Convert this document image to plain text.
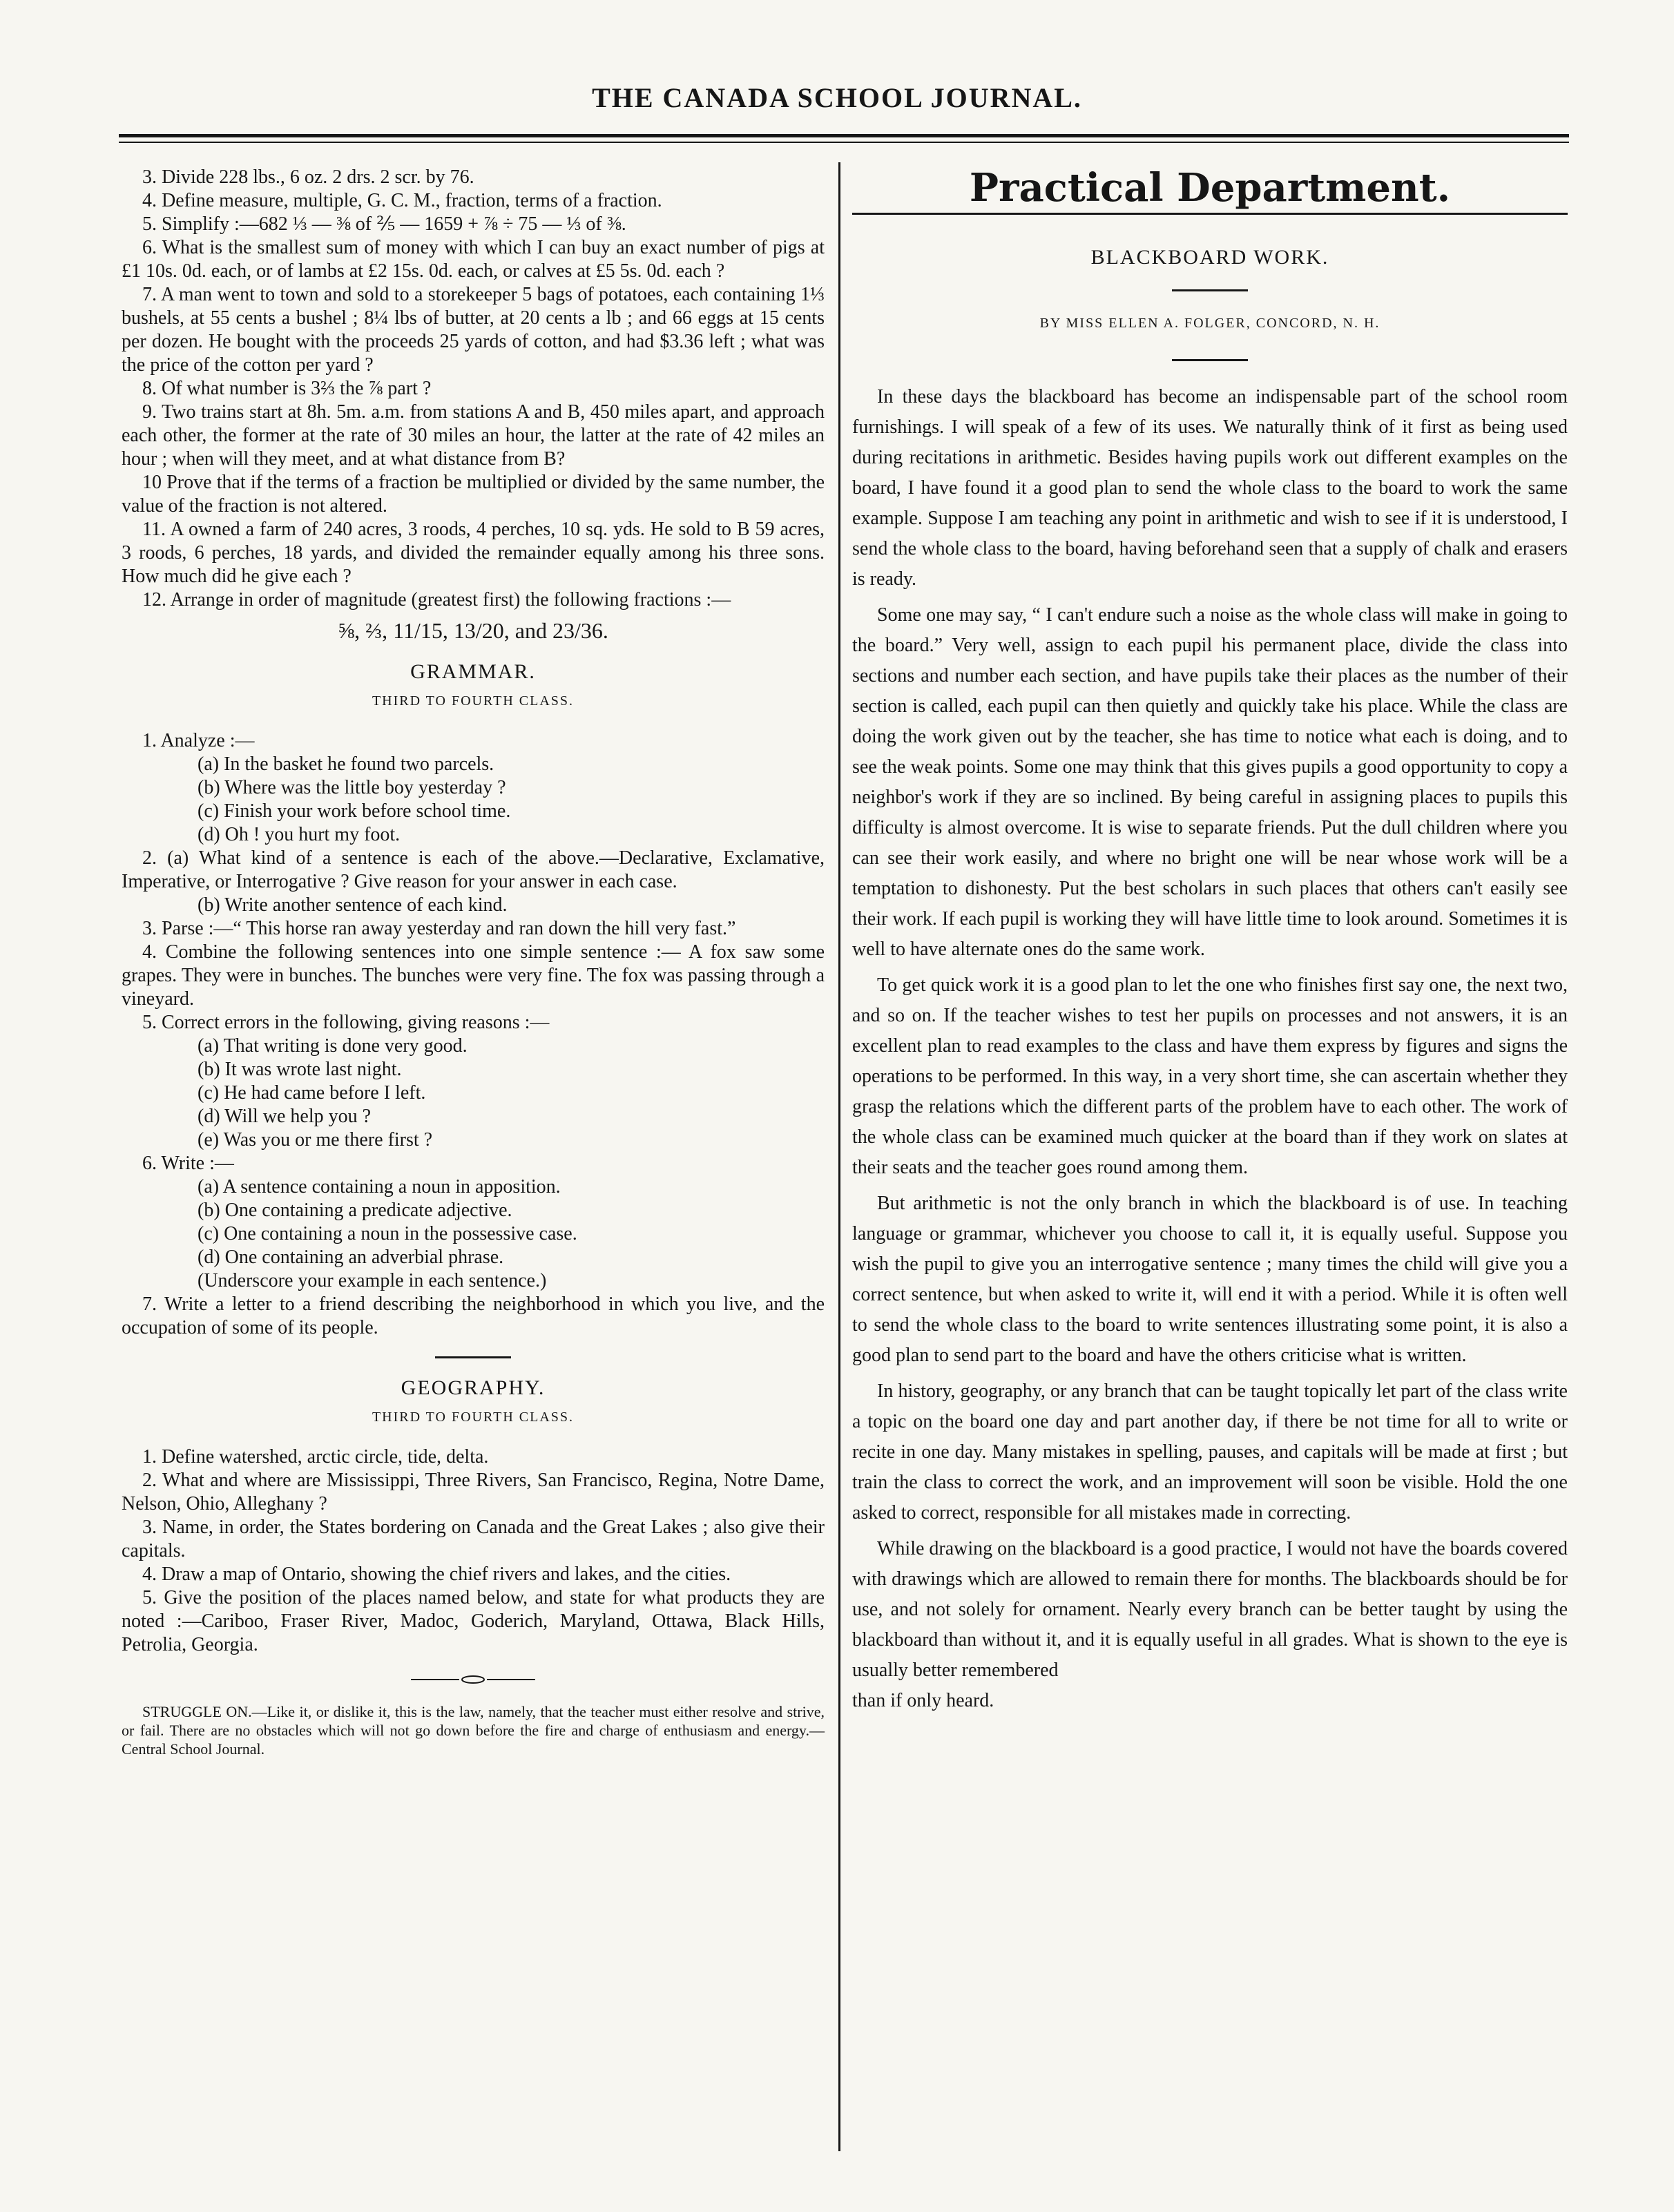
THE CANADA SCHOOL JOURNAL.

3. Divide 228 lbs., 6 oz. 2 drs. 2 scr. by 76.

4. Define measure, multiple, G. C. M., fraction, terms of a fraction.

5. Simplify :—682 ⅓ — ⅜ of ⅖ — 1659 + ⅞ ÷ 75 — ⅓ of ⅜.

6. What is the smallest sum of money with which I can buy an exact number of pigs at £1 10s. 0d. each, or of lambs at £2 15s. 0d. each, or calves at £5 5s. 0d. each ?

7. A man went to town and sold to a storekeeper 5 bags of potatoes, each containing 1⅓ bushels, at 55 cents a bushel ; 8¼ lbs of butter, at 20 cents a lb ; and 66 eggs at 15 cents per dozen. He bought with the proceeds 25 yards of cotton, and had $3.36 left ; what was the price of the cotton per yard ?

8. Of what number is 3⅔ the ⅞ part ?

9. Two trains start at 8h. 5m. a.m. from stations A and B, 450 miles apart, and approach each other, the former at the rate of 30 miles an hour, the latter at the rate of 42 miles an hour ; when will they meet, and at what distance from B?

10 Prove that if the terms of a fraction be multiplied or divided by the same number, the value of the fraction is not altered.

11. A owned a farm of 240 acres, 3 roods, 4 perches, 10 sq. yds. He sold to B 59 acres, 3 roods, 6 perches, 18 yards, and divided the remainder equally among his three sons. How much did he give each ?

12. Arrange in order of magnitude (greatest first) the following fractions :—

⅝, ⅔, 11/15, 13/20, and 23/36.
GRAMMAR.
THIRD TO FOURTH CLASS.

1. Analyze :—

(a) In the basket he found two parcels.

(b) Where was the little boy yesterday ?

(c) Finish your work before school time.

(d) Oh ! you hurt my foot.

2. (a) What kind of a sentence is each of the above.—Declarative, Exclamative, Imperative, or Interrogative ? Give reason for your answer in each case.

(b) Write another sentence of each kind.

3. Parse :—“ This horse ran away yesterday and ran down the hill very fast.”

4. Combine the following sentences into one simple sentence :— A fox saw some grapes. They were in bunches. The bunches were very fine. The fox was passing through a vineyard.

5. Correct errors in the following, giving reasons :—

(a) That writing is done very good.

(b) It was wrote last night.

(c) He had came before I left.

(d) Will we help you ?

(e) Was you or me there first ?

6. Write :—

(a) A sentence containing a noun in apposition.

(b) One containing a predicate adjective.

(c) One containing a noun in the possessive case.

(d) One containing an adverbial phrase.

(Underscore your example in each sentence.)

7. Write a letter to a friend describing the neighborhood in which you live, and the occupation of some of its people.

GEOGRAPHY.
THIRD TO FOURTH CLASS.

1. Define watershed, arctic circle, tide, delta.

2. What and where are Mississippi, Three Rivers, San Francisco, Regina, Notre Dame, Nelson, Ohio, Alleghany ?

3. Name, in order, the States bordering on Canada and the Great Lakes ; also give their capitals.

4. Draw a map of Ontario, showing the chief rivers and lakes, and the cities.

5. Give the position of the places named below, and state for what products they are noted :—Cariboo, Fraser River, Madoc, Goderich, Maryland, Ottawa, Black Hills, Petrolia, Georgia.

STRUGGLE ON.—Like it, or dislike it, this is the law, namely, that the teacher must either resolve and strive, or fail. There are no obstacles which will not go down before the fire and charge of enthusiasm and energy.—Central School Journal.

Practical Department.
BLACKBOARD WORK.
BY MISS ELLEN A. FOLGER, CONCORD, N. H.

In these days the blackboard has become an indispensable part of the school room furnishings. I will speak of a few of its uses. We naturally think of it first as being used during recitations in arithmetic. Besides having pupils work out different examples on the board, I have found it a good plan to send the whole class to the board to work the same example. Suppose I am teaching any point in arithmetic and wish to see if it is understood, I send the whole class to the board, having beforehand seen that a supply of chalk and erasers is ready.

Some one may say, “ I can't endure such a noise as the whole class will make in going to the board.” Very well, assign to each pupil his permanent place, divide the class into sections and number each section, and have pupils take their places as the number of their section is called, each pupil can then quietly and quickly take his place. While the class are doing the work given out by the teacher, she has time to notice what each is doing, and to see the weak points. Some one may think that this gives pupils a good opportunity to copy a neighbor's work if they are so inclined. By being careful in assigning places to pupils this difficulty is almost overcome. It is wise to separate friends. Put the dull children where you can see their work easily, and where no bright one will be near whose work will be a temptation to dishonesty. Put the best scholars in such places that others can't easily see their work. If each pupil is working they will have little time to look around. Sometimes it is well to have alternate ones do the same work.

To get quick work it is a good plan to let the one who finishes first say one, the next two, and so on. If the teacher wishes to test her pupils on processes and not answers, it is an excellent plan to read examples to the class and have them express by figures and signs the operations to be performed. In this way, in a very short time, she can ascertain whether they grasp the relations which the different parts of the problem have to each other. The work of the whole class can be examined much quicker at the board than if they work on slates at their seats and the teacher goes round among them.

But arithmetic is not the only branch in which the blackboard is of use. In teaching language or grammar, whichever you choose to call it, it is equally useful. Suppose you wish the pupil to give you an interrogative sentence ; many times the child will give you a correct sentence, but when asked to write it, will end it with a period. While it is often well to send the whole class to the board to write sentences illustrating some point, it is also a good plan to send part to the board and have the others criticise what is written.

In history, geography, or any branch that can be taught topically let part of the class write a topic on the board one day and part another day, if there be not time for all to write or recite in one day. Many mistakes in spelling, pauses, and capitals will be made at first ; but train the class to correct the work, and an improvement will soon be visible. Hold the one asked to correct, responsible for all mistakes made in correcting.

While drawing on the blackboard is a good practice, I would not have the boards covered with drawings which are allowed to remain there for months. The blackboards should be for use, and not solely for ornament. Nearly every branch can be better taught by using the blackboard than without it, and it is equally useful in all grades. What is shown to the eye is usually better remembered

than if only heard.
